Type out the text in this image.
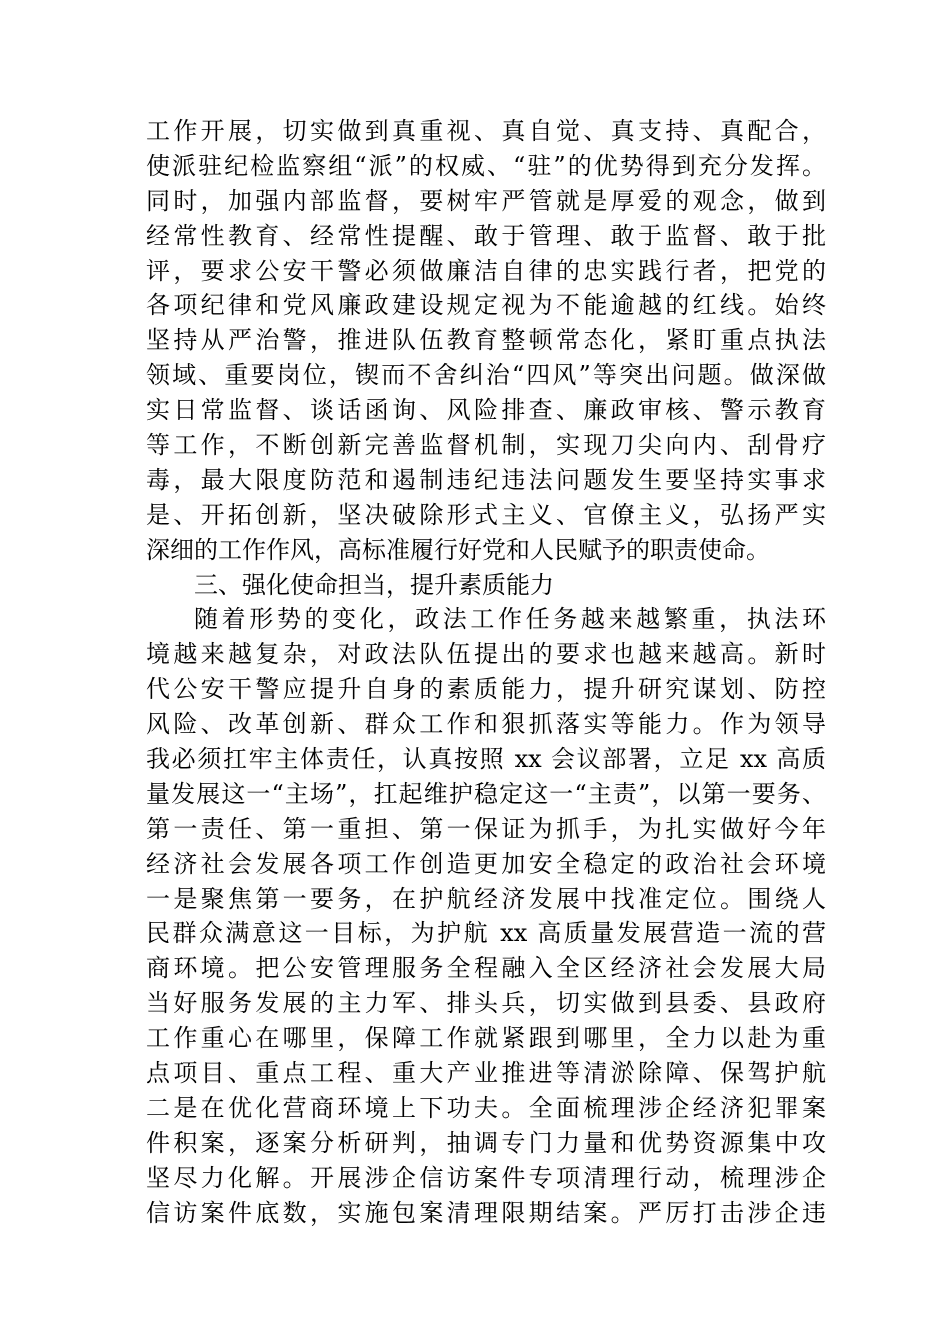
工作开展，切实做到真重视、真自觉、真支持、真配合，
使派驻纪检监察组“派”的权威、“驻”的优势得到充分发挥。
同时，加强内部监督，要树牢严管就是厚爱的观念，做到
经常性教育、经常性提醒、敢于管理、敢于监督、敢于批
评，要求公安干警必须做廉洁自律的忠实践行者，把党的
各项纪律和党风廉政建设规定视为不能逾越的红线。始终
坚持从严治警，推进队伍教育整顿常态化，紧盯重点执法
领域、重要岗位，锲而不舍纠治“四风”等突出问题。做深做
实日常监督、谈话函询、风险排查、廉政审核、警示教育
等工作，不断创新完善监督机制，实现刀尖向内、刮骨疗
毒，最大限度防范和遏制违纪违法问题发生要坚持实事求
是、开拓创新，坚决破除形式主义、官僚主义，弘扬严实
深细的工作作风，高标准履行好党和人民赋予的职责使命。
三、强化使命担当，提升素质能力
随着形势的变化，政法工作任务越来越繁重，执法环
境越来越复杂，对政法队伍提出的要求也越来越高。新时
代公安干警应提升自身的素质能力，提升研究谋划、防控
风险、改革创新、群众工作和狠抓落实等能力。作为领导
我必须扛牢主体责任，认真按照 xx 会议部署，立足 xx 高质
量发展这一“主场”，扛起维护稳定这一“主责”，以第一要务、
第一责任、第一重担、第一保证为抓手，为扎实做好今年
经济社会发展各项工作创造更加安全稳定的政治社会环境
一是聚焦第一要务，在护航经济发展中找准定位。围绕人
民群众满意这一目标，为护航 xx 高质量发展营造一流的营
商环境。把公安管理服务全程融入全区经济社会发展大局
当好服务发展的主力军、排头兵，切实做到县委、县政府
工作重心在哪里，保障工作就紧跟到哪里，全力以赴为重
点项目、重点工程、重大产业推进等清淤除障、保驾护航
二是在优化营商环境上下功夫。全面梳理涉企经济犯罪案
件积案，逐案分析研判，抽调专门力量和优势资源集中攻
坚尽力化解。开展涉企信访案件专项清理行动，梳理涉企
信访案件底数，实施包案清理限期结案。严厉打击涉企违
